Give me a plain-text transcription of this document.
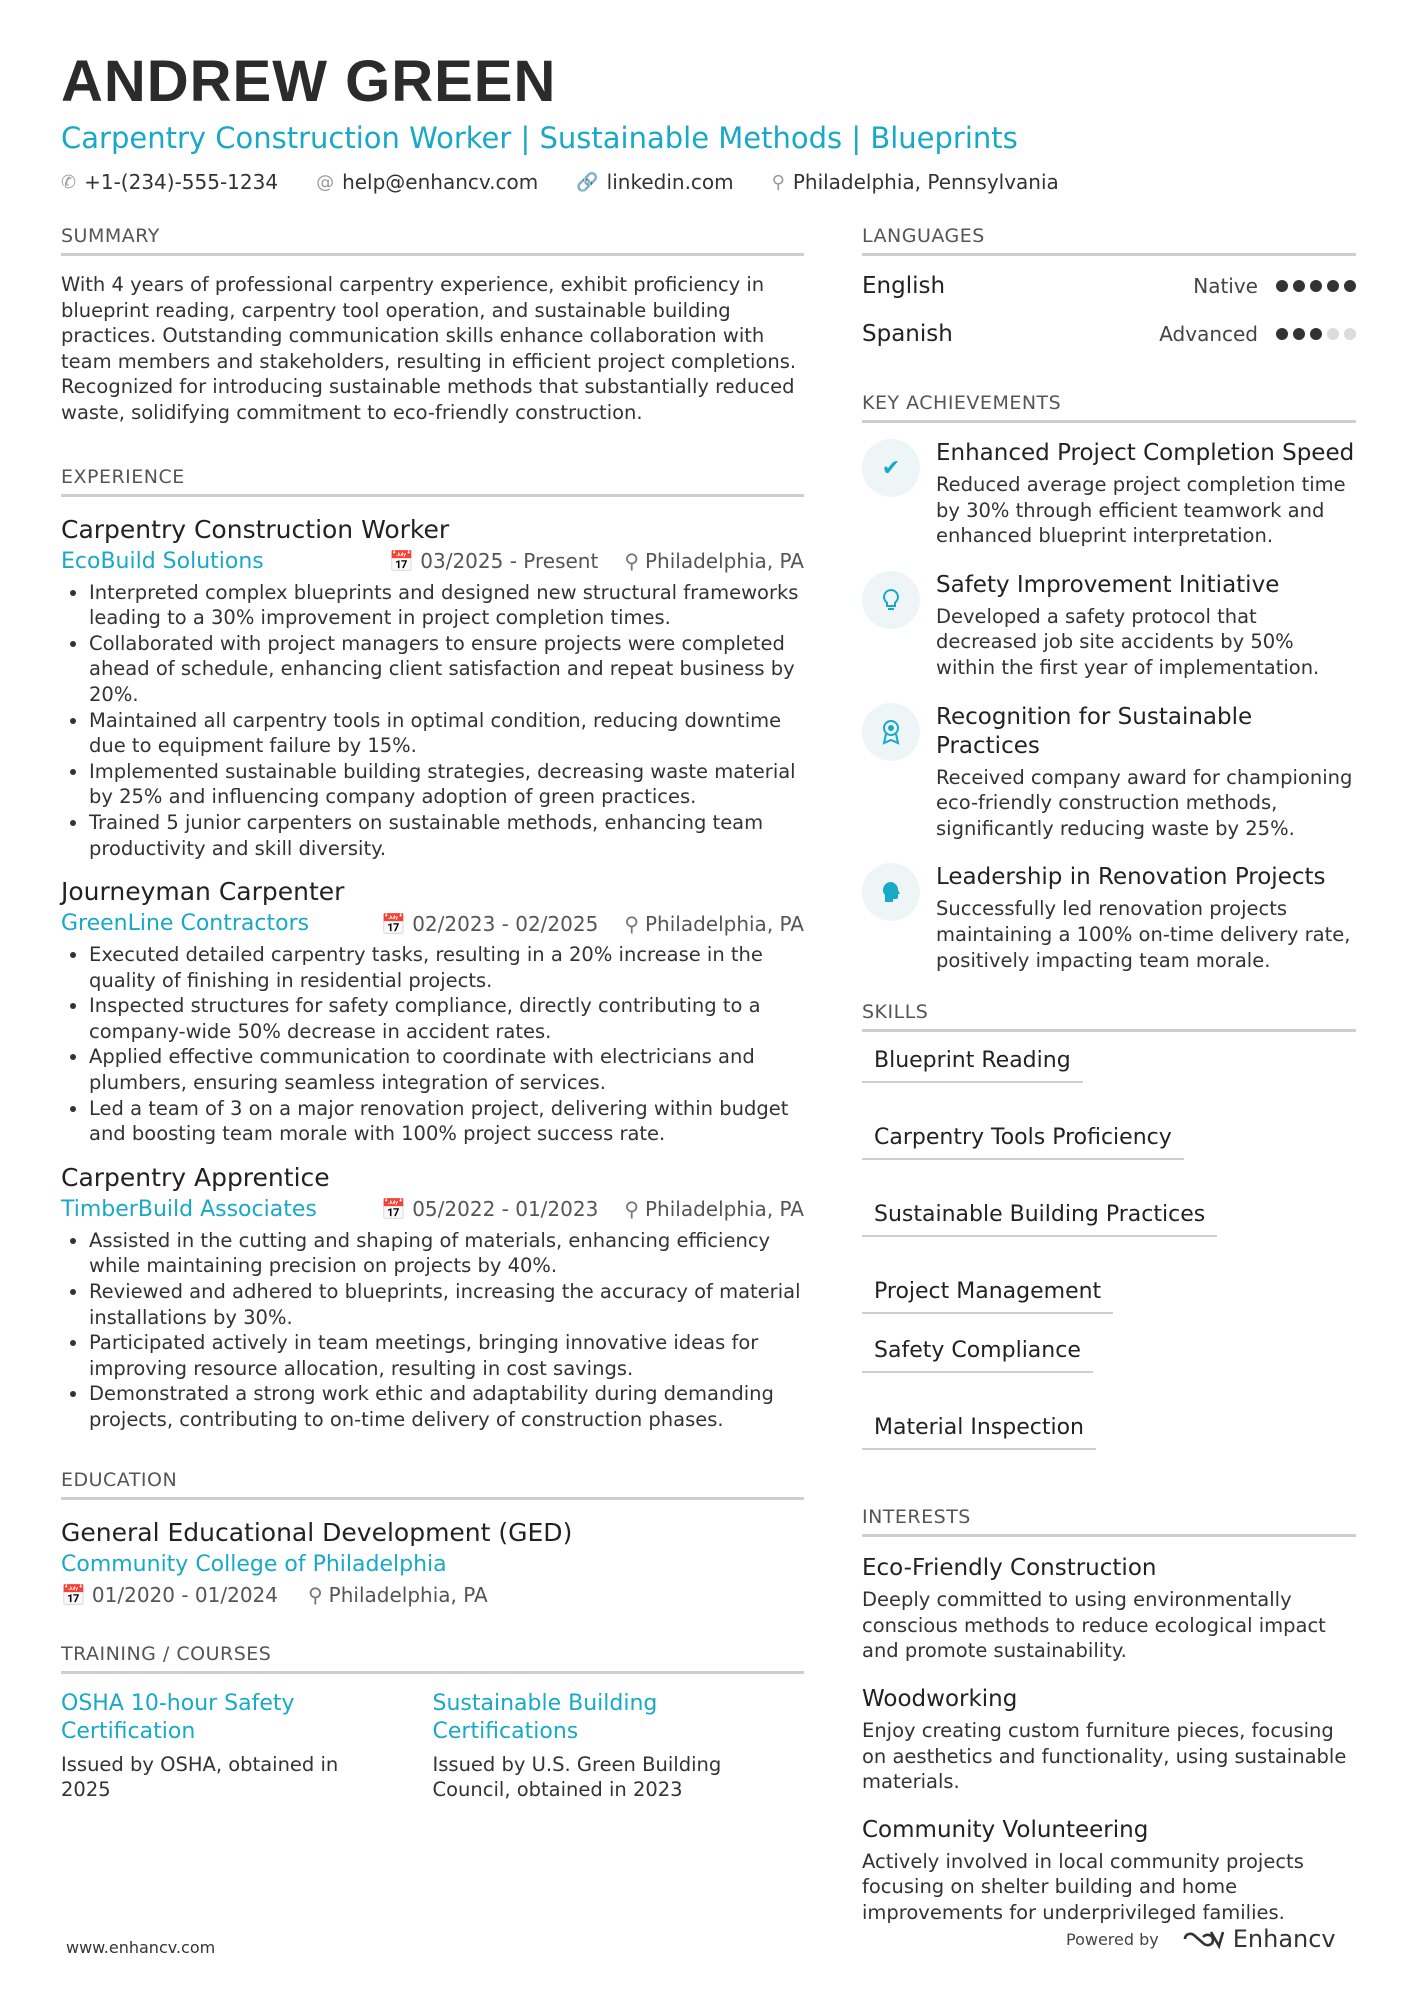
ANDREW GREEN
Carpentry Construction Worker | Sustainable Methods | Blueprints
✆ +1-(234)-555-1234 @ help@enhancv.com 🔗 linkedin.com ⚲ Philadelphia, Pennsylvania
SUMMARY
With 4 years of professional carpentry experience, exhibit proficiency in blueprint reading, carpentry tool operation, and sustainable building practices. Outstanding communication skills enhance collaboration with team members and stakeholders, resulting in efficient project completions. Recognized for introducing sustainable methods that substantially reduced waste, solidifying commitment to eco-friendly construction.
EXPERIENCE
Carpentry Construction Worker
EcoBuild Solutions	📅 03/2025 - Present ⚲ Philadelphia, PA
• Interpreted complex blueprints and designed new structural frameworks leading to a 30% improvement in project completion times.
• Collaborated with project managers to ensure projects were completed ahead of schedule, enhancing client satisfaction and repeat business by 20%.
• Maintained all carpentry tools in optimal condition, reducing downtime due to equipment failure by 15%.
• Implemented sustainable building strategies, decreasing waste material by 25% and influencing company adoption of green practices.
• Trained 5 junior carpenters on sustainable methods, enhancing team productivity and skill diversity.
Journeyman Carpenter
GreenLine Contractors	📅 02/2023 - 02/2025 ⚲ Philadelphia, PA
• Executed detailed carpentry tasks, resulting in a 20% increase in the quality of finishing in residential projects.
• Inspected structures for safety compliance, directly contributing to a company-wide 50% decrease in accident rates.
• Applied effective communication to coordinate with electricians and plumbers, ensuring seamless integration of services.
• Led a team of 3 on a major renovation project, delivering within budget and boosting team morale with 100% project success rate.
Carpentry Apprentice
TimberBuild Associates	📅 05/2022 - 01/2023 ⚲ Philadelphia, PA
• Assisted in the cutting and shaping of materials, enhancing efficiency while maintaining precision on projects by 40%.
• Reviewed and adhered to blueprints, increasing the accuracy of material installations by 30%.
• Participated actively in team meetings, bringing innovative ideas for improving resource allocation, resulting in cost savings.
• Demonstrated a strong work ethic and adaptability during demanding projects, contributing to on-time delivery of construction phases.
EDUCATION
General Educational Development (GED)
Community College of Philadelphia
📅 01/2020 - 01/2024 ⚲ Philadelphia, PA
TRAINING / COURSES
OSHA 10-hour Safety Certification
Issued by OSHA, obtained in 2025
Sustainable Building Certifications
Issued by U.S. Green Building Council, obtained in 2023
LANGUAGES
English	Native
Spanish	Advanced
KEY ACHIEVEMENTS
✔
Enhanced Project Completion Speed
Reduced average project completion time by 30% through efficient teamwork and enhanced blueprint interpretation.
Safety Improvement Initiative
Developed a safety protocol that decreased job site accidents by 50% within the first year of implementation.
Recognition for Sustainable Practices
Received company award for championing eco-friendly construction methods, significantly reducing waste by 25%.
Leadership in Renovation Projects
Successfully led renovation projects maintaining a 100% on-time delivery rate, positively impacting team morale.
SKILLS
Blueprint Reading
Carpentry Tools Proficiency
Sustainable Building Practices
Project Management
Safety Compliance
Material Inspection
INTERESTS
Eco-Friendly Construction
Deeply committed to using environmentally conscious methods to reduce ecological impact and promote sustainability.
Woodworking
Enjoy creating custom furniture pieces, focusing on aesthetics and functionality, using sustainable materials.
Community Volunteering
Actively involved in local community projects focusing on shelter building and home improvements for underprivileged families.
www.enhancv.com	Powered by	Enhancv
